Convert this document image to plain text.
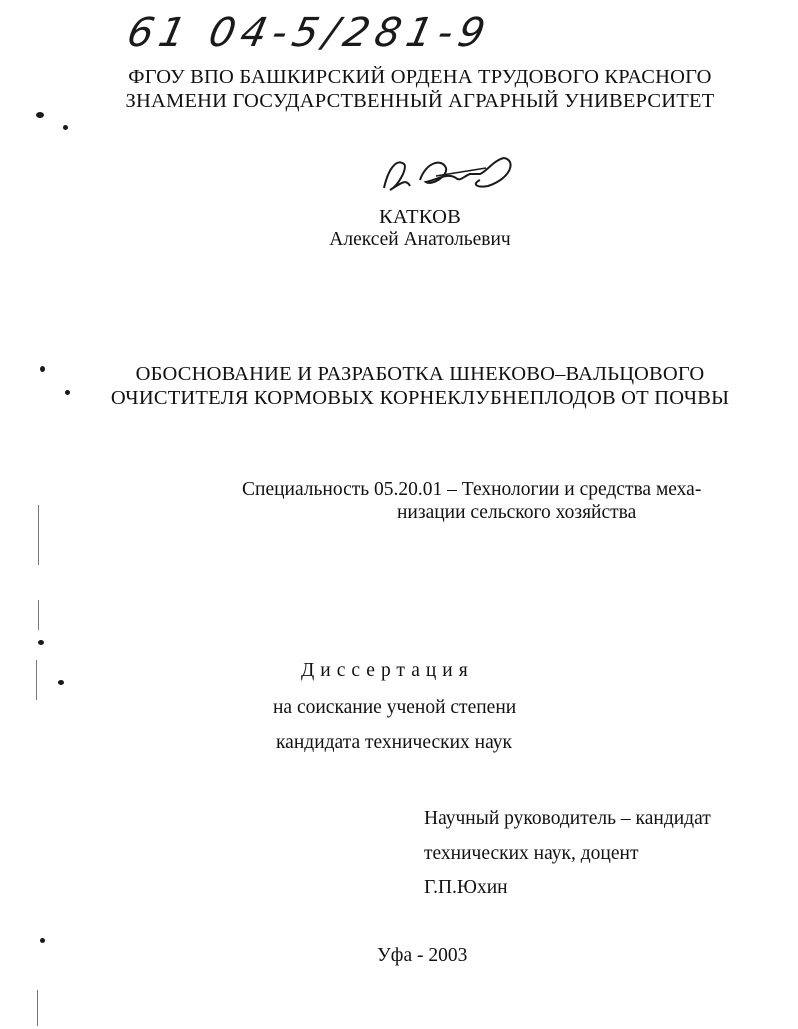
61 04-5/281-9
ФГОУ ВПО БАШКИРСКИЙ ОРДЕНА ТРУДОВОГО КРАСНОГО
ЗНАМЕНИ ГОСУДАРСТВЕННЫЙ АГРАРНЫЙ УНИВЕРСИТЕТ
КАТКОВ
Алексей Анатольевич
ОБОСНОВАНИЕ И РАЗРАБОТКА ШНЕКОВО–ВАЛЬЦОВОГО
ОЧИСТИТЕЛЯ КОРМОВЫХ КОРНЕКЛУБНЕПЛОДОВ ОТ ПОЧВЫ
Специальность 05.20.01 – Технологии и средства меха-
низации сельского хозяйства
Диссертация
на соискание ученой степени
кандидата технических наук
Научный руководитель – кандидат
технических наук, доцент
Г.П.Юхин
Уфа - 2003
